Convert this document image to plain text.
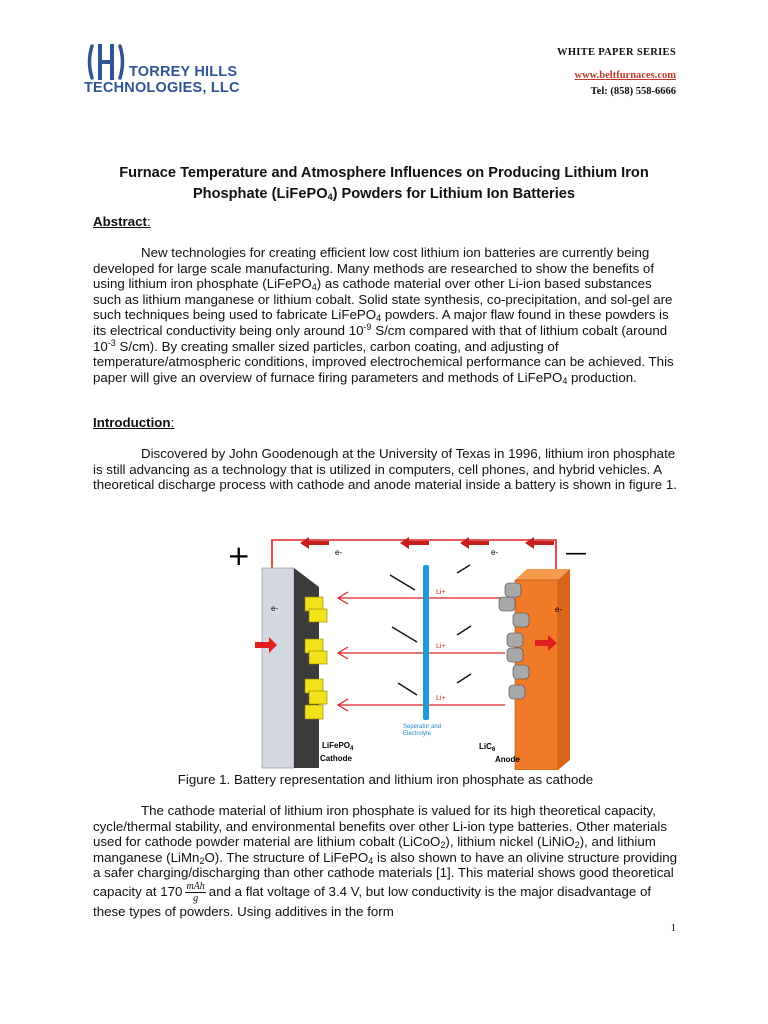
TORREY HILLS
TECHNOLOGIES, LLC
WHITE PAPER SERIES
www.beltfurnaces.com
Tel: (858) 558-6666
Furnace Temperature and Atmosphere Influences on Producing Lithium Iron
Phosphate (LiFePO$_4$) Powders for Lithium Ion Batteries
Abstract:
New technologies for creating efficient low cost lithium ion batteries are currently being developed for large scale manufacturing. Many methods are researched to show the benefits of using lithium iron phosphate (LiFePO$_4$) as cathode material over other Li-ion based substances such as lithium manganese or lithium cobalt. Solid state synthesis, co-precipitation, and sol-gel are such techniques being used to fabricate LiFePO$_4$ powders. A major flaw found in these powders is its electrical conductivity being only around $10^{-9}$ S/cm compared with that of lithium cobalt (around $10^{-3}$ S/cm). By creating smaller sized particles, carbon coating, and adjusting of temperature/atmospheric conditions, improved electrochemical performance can be achieved. This paper will give an overview of furnace firing parameters and methods of LiFePO$_4$ production.
Introduction:
Discovered by John Goodenough at the University of Texas in 1996, lithium iron phosphate is still advancing as a technology that is utilized in computers, cell phones, and hybrid vehicles. A theoretical discharge process with cathode and anode material inside a battery is shown in figure 1.
+	—
e-	e-
e-
LiFePO$_4$
Cathode
Li+
Li+
Li+
Seperator and
Electrolyte
e-
LiC$_6$
Anode
Figure 1. Battery representation and lithium iron phosphate as cathode
The cathode material of lithium iron phosphate is valued for its high theoretical capacity, cycle/thermal stability, and environmental benefits over other Li-ion type batteries. Other materials used for cathode powder material are lithium cobalt (LiCoO$_2$), lithium nickel (LiNiO$_2$), and lithium manganese (LiMn$_2$O). The structure of LiFePO$_4$ is also shown to have an olivine structure providing a safer charging/discharging than other cathode materials [1]. This material shows good theoretical capacity at $170 \frac{\text{mAh}}{g}$ and a flat voltage of 3.4 V, but low conductivity is the major disadvantage of these types of powders. Using additives in the form
1
